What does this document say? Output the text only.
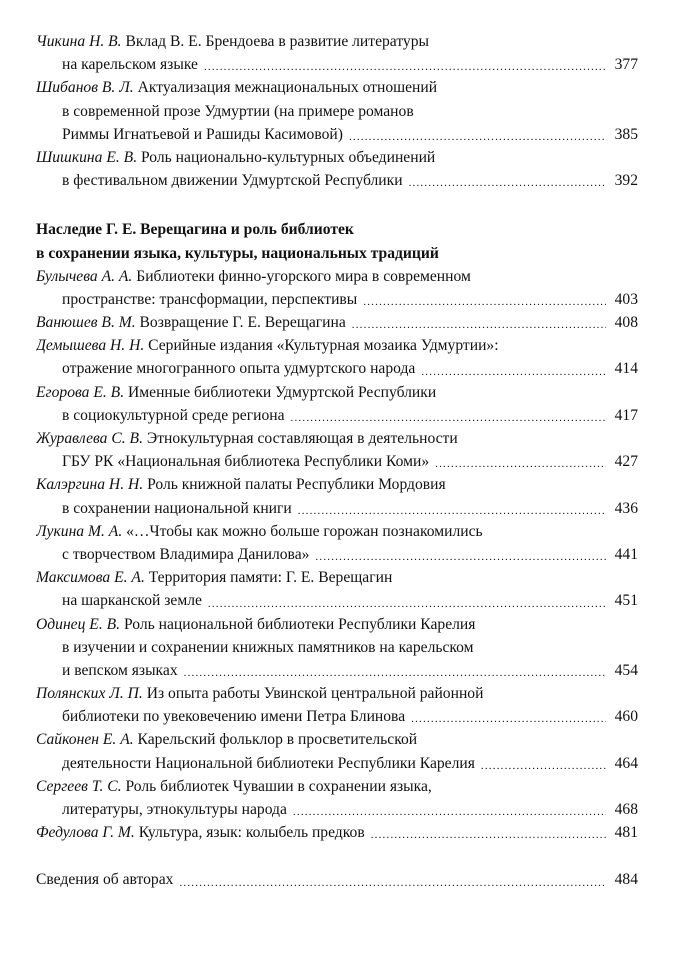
Чикина Н. В. Вклад В. Е. Брендоева в развитие литературы
на карельском языке .....	377
Шибанов В. Л. Актуализация межнациональных отношений
в современной прозе Удмуртии (на примере романов
Риммы Игнатьевой и Рашиды Касимовой) .....	385
Шишкина Е. В. Роль национально-культурных объединений
в фестивальном движении Удмуртской Республики .....	392
Наследие Г. Е. Верещагина и роль библиотек
в сохранении языка, культуры, национальных традиций
Булычева А. А. Библиотеки финно-угорского мира в современном
пространстве: трансформации, перспективы .....	403
Ванюшев В. М. Возвращение Г. Е. Верещагина .....	408
Демышева Н. Н. Серийные издания «Культурная мозаика Удмуртии»:
отражение многогранного опыта удмуртского народа .....	414
Егорова Е. В. Именные библиотеки Удмуртской Республики
в социокультурной среде региона .....	417
Журавлева С. В. Этнокультурная составляющая в деятельности
ГБУ РК «Национальная библиотека Республики Коми» .....	427
Калэргина Н. Н. Роль книжной палаты Республики Мордовия
в сохранении национальной книги .....	436
Лукина М. А. «…Чтобы как можно больше горожан познакомились
с творчеством Владимира Данилова» .....	441
Максимова Е. А. Территория памяти: Г. Е. Верещагин
на шарканской земле .....	451
Одинец Е. В. Роль национальной библиотеки Республики Карелия
в изучении и сохранении книжных памятников на карельском
и вепском языках .....	454
Полянских Л. П. Из опыта работы Увинской центральной районной
библиотеки по увековечению имени Петра Блинова .....	460
Сайконен Е. А. Карельский фольклор в просветительской
деятельности Национальной библиотеки Республики Карелия .....	464
Сергеев Т. С. Роль библиотек Чувашии в сохранении языка,
литературы, этнокультуры народа .....	468
Федулова Г. М. Культура, язык: колыбель предков .....	481
Сведения об авторах .....	484
